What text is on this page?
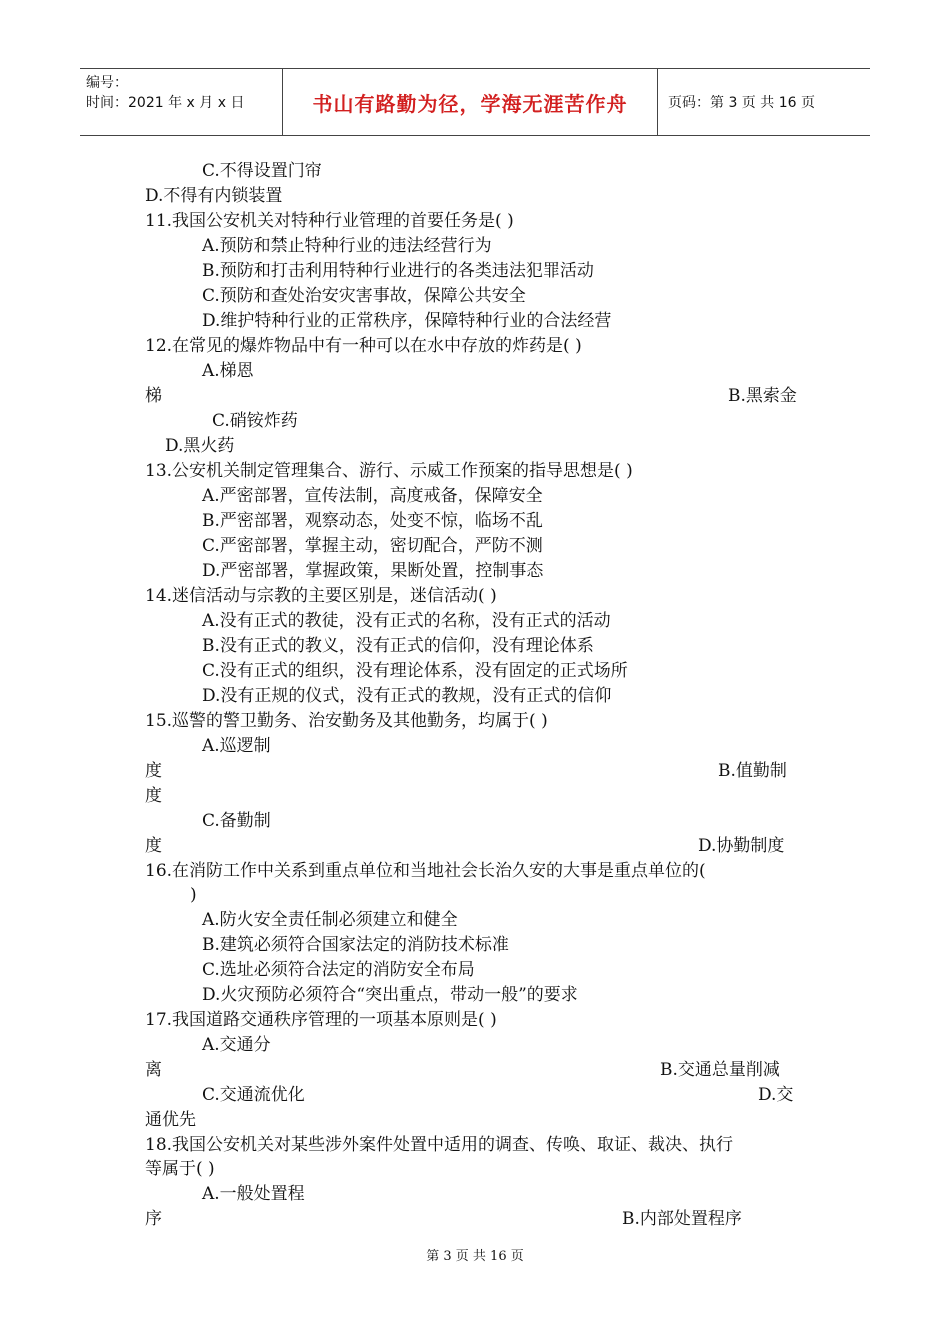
编号：
时间：2021 年 x 月 x 日	书山有路勤为径，学海无涯苦作舟	页码：第 3 页 共 16 页
C.不得设置门帘
D.不得有内锁装置
11.我国公安机关对特种行业管理的首要任务是( )
A.预防和禁止特种行业的违法经营行为
B.预防和打击利用特种行业进行的各类违法犯罪活动
C.预防和查处治安灾害事故，保障公共安全
D.维护特种行业的正常秩序，保障特种行业的合法经营
12.在常见的爆炸物品中有一种可以在水中存放的炸药是( )
A.梯恩
梯	B.黑索金
C.硝铵炸药
D.黑火药
13.公安机关制定管理集合、游行、示威工作预案的指导思想是( )
A.严密部署，宣传法制，高度戒备，保障安全
B.严密部署，观察动态，处变不惊，临场不乱
C.严密部署，掌握主动，密切配合，严防不测
D.严密部署，掌握政策，果断处置，控制事态
14.迷信活动与宗教的主要区别是，迷信活动( )
A.没有正式的教徒，没有正式的名称，没有正式的活动
B.没有正式的教义，没有正式的信仰，没有理论体系
C.没有正式的组织，没有理论体系，没有固定的正式场所
D.没有正规的仪式，没有正式的教规，没有正式的信仰
15.巡警的警卫勤务、治安勤务及其他勤务，均属于( )
A.巡逻制
度	B.值勤制
度
C.备勤制
度	D.协勤制度
16.在消防工作中关系到重点单位和当地社会长治久安的大事是重点单位的(
)
A.防火安全责任制必须建立和健全
B.建筑必须符合国家法定的消防技术标准
C.选址必须符合法定的消防安全布局
D.火灾预防必须符合“突出重点，带动一般”的要求
17.我国道路交通秩序管理的一项基本原则是( )
A.交通分
离	B.交通总量削减
C.交通流优化	D.交
通优先
18.我国公安机关对某些涉外案件处置中适用的调查、传唤、取证、裁决、执行
等属于( )
A.一般处置程
序	B.内部处置程序
第 3 页 共 16 页
